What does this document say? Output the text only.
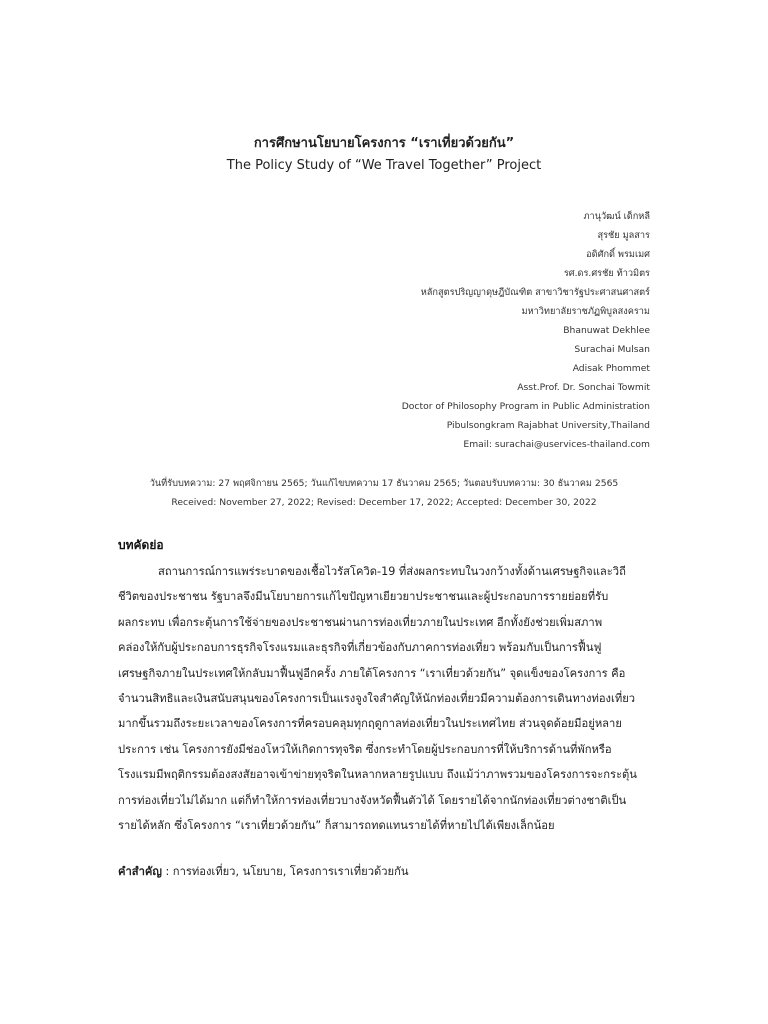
การศึกษานโยบายโครงการ “เราเที่ยวด้วยกัน”
The Policy Study of “We Travel Together” Project
ภานุวัฒน์ เด็กหลี
สุรชัย มูลสาร
อดิศักดิ์ พรมเมศ
รศ.ดร.ศรชัย ท้าวมิตร
หลักสูตรปริญญาดุษฎีบัณฑิต สาขาวิชารัฐประศาสนศาสตร์
มหาวิทยาลัยราชภัฏพิบูลสงคราม
Bhanuwat Dekhlee
Surachai Mulsan
Adisak Phommet
Asst.Prof. Dr. Sonchai Towmit
Doctor of Philosophy Program in Public Administration
Pibulsongkram Rajabhat University,Thailand
Email: surachai@uservices-thailand.com
วันที่รับบทความ: 27 พฤศจิกายน 2565; วันแก้ไขบทความ 17 ธันวาคม 2565; วันตอบรับบทความ: 30 ธันวาคม 2565
Received: November 27, 2022; Revised: December 17, 2022; Accepted: December 30, 2022
บทคัดย่อ
สถานการณ์การแพร่ระบาดของเชื้อไวรัสโควิด-19 ที่ส่งผลกระทบในวงกว้างทั้งด้านเศรษฐกิจและวิถี
ชีวิตของประชาชน รัฐบาลจึงมีนโยบายการแก้ไขปัญหาเยียวยาประชาชนและผู้ประกอบการรายย่อยที่รับ
ผลกระทบ เพื่อกระตุ้นการใช้จ่ายของประชาชนผ่านการท่องเที่ยวภายในประเทศ อีกทั้งยังช่วยเพิ่มสภาพ
คล่องให้กับผู้ประกอบการธุรกิจโรงแรมและธุรกิจที่เกี่ยวข้องกับภาคการท่องเที่ยว พร้อมกับเป็นการฟื้นฟู
เศรษฐกิจภายในประเทศให้กลับมาฟื้นฟูอีกครั้ง ภายใต้โครงการ “เราเที่ยวด้วยกัน” จุดแข็งของโครงการ คือ
จำนวนสิทธิและเงินสนับสนุนของโครงการเป็นแรงจูงใจสำคัญให้นักท่องเที่ยวมีความต้องการเดินทางท่องเที่ยว
มากขึ้นรวมถึงระยะเวลาของโครงการที่ครอบคลุมทุกฤดูกาลท่องเที่ยวในประเทศไทย ส่วนจุดด้อยมีอยู่หลาย
ประการ เช่น โครงการยังมีช่องโหว่ให้เกิดการทุจริต ซึ่งกระทำโดยผู้ประกอบการที่ให้บริการด้านที่พักหรือ
โรงแรมมีพฤติกรรมต้องสงสัยอาจเข้าข่ายทุจริตในหลากหลายรูปแบบ ถึงแม้ว่าภาพรวมของโครงการจะกระตุ้น
การท่องเที่ยวไม่ได้มาก แต่ก็ทำให้การท่องเที่ยวบางจังหวัดฟื้นตัวได้ โดยรายได้จากนักท่องเที่ยวต่างชาติเป็น
รายได้หลัก ซึ่งโครงการ “เราเที่ยวด้วยกัน” ก็สามารถทดแทนรายได้ที่หายไปได้เพียงเล็กน้อย
คำสำคัญ : การท่องเที่ยว, นโยบาย, โครงการเราเที่ยวด้วยกัน
